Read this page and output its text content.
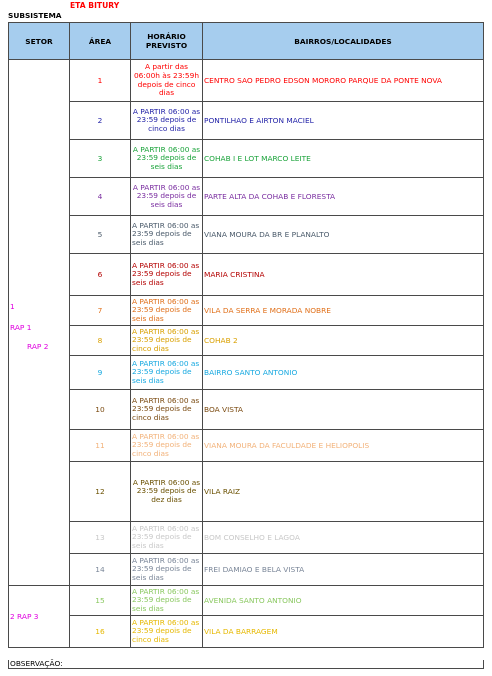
ETA BITURY
SUBSISTEMA
SETOR	ÁREA	HORÁRIO PREVISTO	BAIRROS/LOCALIDADES

1
RAP 1
RAP 2	1	A partir das 06:00h às 23:59h depois de cinco dias	CENTRO SAO PEDRO EDSON MORORO PARQUE DA PONTE NOVA
	2	A PARTIR 06:00 as 23:59 depois de cinco dias	PONTILHAO E AIRTON MACIEL
	3	A PARTIR 06:00 as 23:59 depois de seis dias	COHAB I E LOT MARCO LEITE
	4	A PARTIR 06:00 as 23:59 depois de seis dias	PARTE ALTA DA COHAB E FLORESTA
	5	A PARTIR 06:00 as 23:59 depois de seis dias	VIANA MOURA DA BR E PLANALTO
	6	A PARTIR 06:00 as 23:59 depois de seis dias	MARIA CRISTINA
	7	A PARTIR 06:00 as 23:59 depois de seis dias	VILA DA SERRA E MORADA NOBRE
	8	A PARTIR 06:00 as 23:59 depois de cinco dias	COHAB 2
	9	A PARTIR 06:00 as 23:59 depois de seis dias	BAIRRO SANTO ANTONIO
	10	A PARTIR 06:00 as 23:59 depois de cinco dias	BOA VISTA
	11	A PARTIR 06:00 as 23:59 depois de cinco dias	VIANA MOURA DA FACULDADE E HELIOPOLIS
	12	A PARTIR 06:00 as 23:59 depois de dez dias	VILA RAIZ
	13	A PARTIR 06:00 as 23:59 depois de seis dias	BOM CONSELHO E LAGOA
	14	A PARTIR 06:00 as 23:59 depois de seis dias	FREI DAMIAO E BELA VISTA

2 RAP 3	15	A PARTIR 06:00 as 23:59 depois de seis dias	AVENIDA SANTO ANTONIO
	16	A PARTIR 06:00 as 23:59 depois de cinco dias	VILA DA BARRAGEM
OBSERVAÇÃO:
